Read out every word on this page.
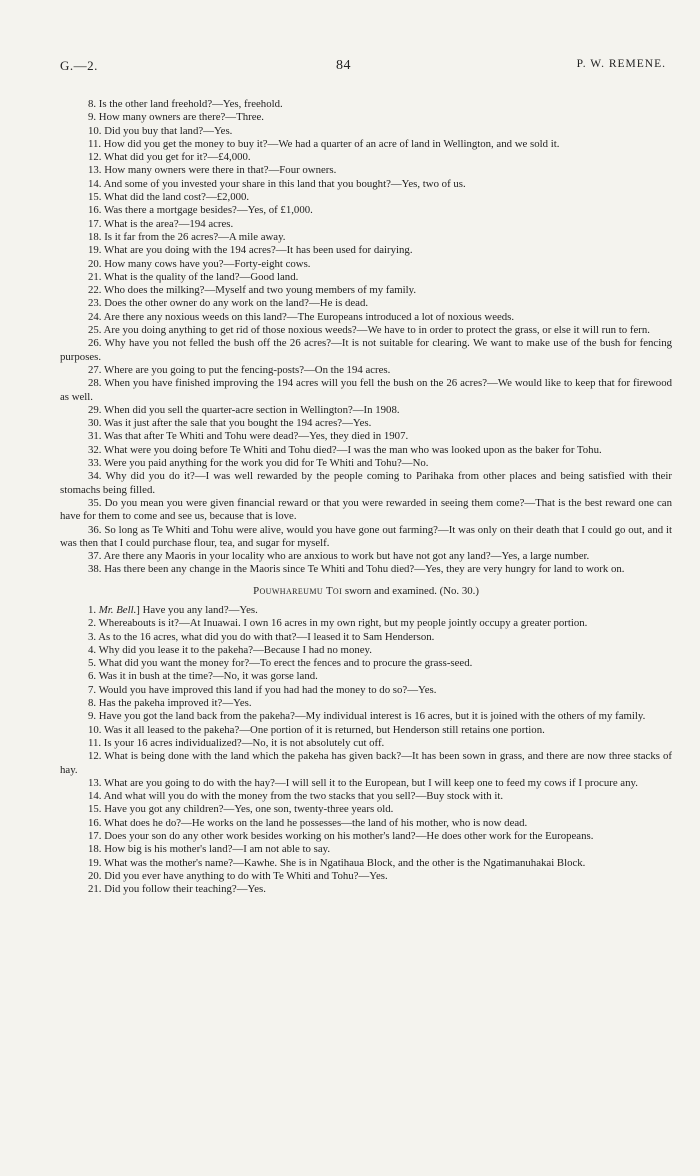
G.—2.	84	P. W. REMENE.

8. Is the other land freehold?—Yes, freehold.

9. How many owners are there?—Three.

10. Did you buy that land?—Yes.

11. How did you get the money to buy it?—We had a quarter of an acre of land in Wellington, and we sold it.

12. What did you get for it?—£4,000.

13. How many owners were there in that?—Four owners.

14. And some of you invested your share in this land that you bought?—Yes, two of us.

15. What did the land cost?—£2,000.

16. Was there a mortgage besides?—Yes, of £1,000.

17. What is the area?—194 acres.

18. Is it far from the 26 acres?—A mile away.

19. What are you doing with the 194 acres?—It has been used for dairying.

20. How many cows have you?—Forty-eight cows.

21. What is the quality of the land?—Good land.

22. Who does the milking?—Myself and two young members of my family.

23. Does the other owner do any work on the land?—He is dead.

24. Are there any noxious weeds on this land?—The Europeans introduced a lot of noxious weeds.

25. Are you doing anything to get rid of those noxious weeds?—We have to in order to protect the grass, or else it will run to fern.

26. Why have you not felled the bush off the 26 acres?—It is not suitable for clearing. We want to make use of the bush for fencing purposes.

27. Where are you going to put the fencing-posts?—On the 194 acres.

28. When you have finished improving the 194 acres will you fell the bush on the 26 acres?—We would like to keep that for firewood as well.

29. When did you sell the quarter-acre section in Wellington?—In 1908.

30. Was it just after the sale that you bought the 194 acres?—Yes.

31. Was that after Te Whiti and Tohu were dead?—Yes, they died in 1907.

32. What were you doing before Te Whiti and Tohu died?—I was the man who was looked upon as the baker for Tohu.

33. Were you paid anything for the work you did for Te Whiti and Tohu?—No.

34. Why did you do it?—I was well rewarded by the people coming to Parihaka from other places and being satisfied with their stomachs being filled.

35. Do you mean you were given financial reward or that you were rewarded in seeing them come?—That is the best reward one can have for them to come and see us, because that is love.

36. So long as Te Whiti and Tohu were alive, would you have gone out farming?—It was only on their death that I could go out, and it was then that I could purchase flour, tea, and sugar for myself.

37. Are there any Maoris in your locality who are anxious to work but have not got any land?—Yes, a large number.

38. Has there been any change in the Maoris since Te Whiti and Tohu died?—Yes, they are very hungry for land to work on.

Pouwhareumu Toi sworn and examined. (No. 30.)

1. Mr. Bell.] Have you any land?—Yes.

2. Whereabouts is it?—At Inuawai. I own 16 acres in my own right, but my people jointly occupy a greater portion.

3. As to the 16 acres, what did you do with that?—I leased it to Sam Henderson.

4. Why did you lease it to the pakeha?—Because I had no money.

5. What did you want the money for?—To erect the fences and to procure the grass-seed.

6. Was it in bush at the time?—No, it was gorse land.

7. Would you have improved this land if you had had the money to do so?—Yes.

8. Has the pakeha improved it?—Yes.

9. Have you got the land back from the pakeha?—My individual interest is 16 acres, but it is joined with the others of my family.

10. Was it all leased to the pakeha?—One portion of it is returned, but Henderson still retains one portion.

11. Is your 16 acres individualized?—No, it is not absolutely cut off.

12. What is being done with the land which the pakeha has given back?—It has been sown in grass, and there are now three stacks of hay.

13. What are you going to do with the hay?—I will sell it to the European, but I will keep one to feed my cows if I procure any.

14. And what will you do with the money from the two stacks that you sell?—Buy stock with it.

15. Have you got any children?—Yes, one son, twenty-three years old.

16. What does he do?—He works on the land he possesses—the land of his mother, who is now dead.

17. Does your son do any other work besides working on his mother's land?—He does other work for the Europeans.

18. How big is his mother's land?—I am not able to say.

19. What was the mother's name?—Kawhe. She is in Ngatihaua Block, and the other is the Ngatimanuhakai Block.

20. Did you ever have anything to do with Te Whiti and Tohu?—Yes.

21. Did you follow their teaching?—Yes.
